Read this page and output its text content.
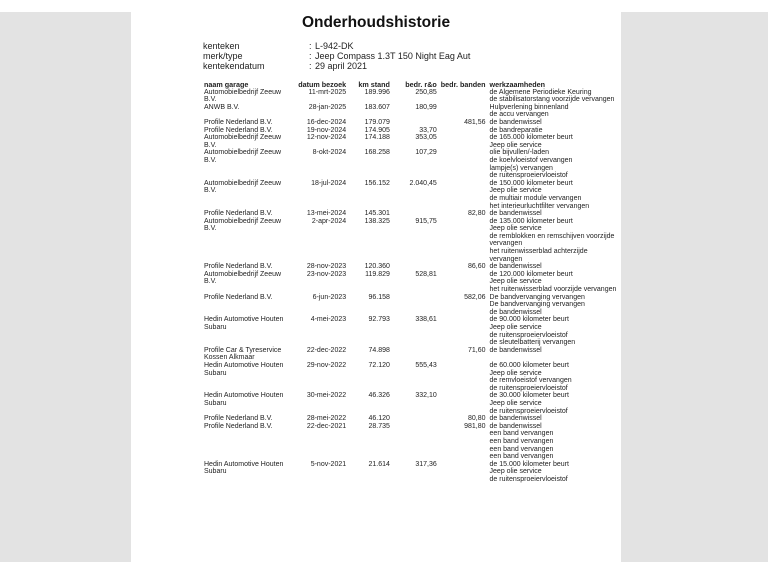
Onderhoudshistorie
kenteken	: L-942-DK
merk/type	: Jeep Compass 1.3T 150 Night Eag Aut
kentekendatum	: 29 april 2021
naam garage	datum bezoek	km stand	bedr. r&o	bedr. banden	werkzaamheden
Automobielbedrijf Zeeuw B.V.	11-mrt-2025	189.996	250,85		de Algemene Periodieke Keuring
de stabilisatorstang voorzijde vervangen

ANWB B.V.	28-jan-2025	183.607	180,99		Hulpverlening binnenland
de accu vervangen

Profile Nederland B.V.	16-dec-2024	179.079		481,56	de bandenwissel

Profile Nederland B.V.	19-nov-2024	174.905	33,70		de bandreparatie

Automobielbedrijf Zeeuw B.V.	12-nov-2024	174.188	353,05		de 165.000 kilometer beurt
Jeep olie service

Automobielbedrijf Zeeuw B.V.	8-okt-2024	168.258	107,29		olie bijvullen/-laden
de koelvloeistof vervangen
lampje(s) vervangen
de ruitensproeiervloeistof

Automobielbedrijf Zeeuw B.V.	18-jul-2024	156.152	2.040,45		de 150.000 kilometer beurt
Jeep olie service
de multiair module vervangen
het interieurluchtfilter vervangen

Profile Nederland B.V.	13-mei-2024	145.301		82,80	de bandenwissel

Automobielbedrijf Zeeuw B.V.	2-apr-2024	138.325	915,75		de 135.000 kilometer beurt
Jeep olie service
de remblokken en remschijven voorzijde vervangen
het ruitenwisserblad achterzijde vervangen

Profile Nederland B.V.	28-nov-2023	120.360		86,60	de bandenwissel

Automobielbedrijf Zeeuw B.V.	23-nov-2023	119.829	528,81		de 120.000 kilometer beurt
Jeep olie service
het ruitenwisserblad voorzijde vervangen

Profile Nederland B.V.	6-jun-2023	96.158		582,06	De bandvervanging vervangen
De bandvervanging vervangen
de bandenwissel

Hedin Automotive Houten Subaru	4-mei-2023	92.793	338,61		de 90.000 kilometer beurt
Jeep olie service
de ruitensproeiervloeistof
de sleutelbatterij vervangen

Profile Car & Tyreservice Kossen Alkmaar	22-dec-2022	74.898		71,60	de bandenwissel

Hedin Automotive Houten Subaru	29-nov-2022	72.120	555,43		de 60.000 kilometer beurt
Jeep olie service
de remvloeistof vervangen
de ruitensproeiervloeistof

Hedin Automotive Houten Subaru	30-mei-2022	46.326	332,10		de 30.000 kilometer beurt
Jeep olie service
de ruitensproeiervloeistof

Profile Nederland B.V.	28-mei-2022	46.120		80,80	de bandenwissel

Profile Nederland B.V.	22-dec-2021	28.735		981,80	de bandenwissel
een band vervangen
een band vervangen
een band vervangen
een band vervangen

Hedin Automotive Houten Subaru	5-nov-2021	21.614	317,36		de 15.000 kilometer beurt
Jeep olie service
de ruitensproeiervloeistof
